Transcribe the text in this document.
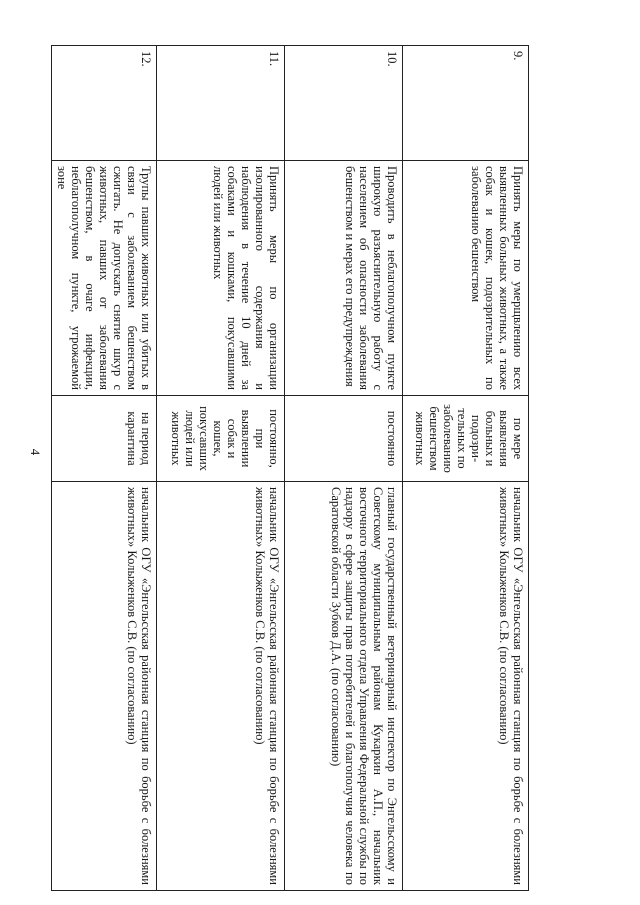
4
9.	Принять меры по умерщвлению всех выявленных больных животных, а также собак и кошек, подозрительных по заболеванию бешенством	по мере выявления больных и подозри-тельных по заболеванию бешенством животных	начальник ОГУ «Энгельсская районная станция по борьбе с болезнями животных» Колыженков С.В. (по согласованию)
10.	Проводить в неблагополучном пункте широкую разъяснительную работу с населением об опасности заболевания бешенством и мерах его предупреждения	постоянно	главный государственный ветеринарный инспектор по Энгельсскому и Советскому муниципальным районам Кукаркин А.П., начальник восточного территориального отдела Управления Федеральной службы по надзору в сфере защиты прав потребителей и благополучия человека по Саратовской области Зубков Д.А. (по согласованию)
11.	Принять меры по организации изолированного содержания и наблюдения в течение 10 дней за собаками и кошками, покусавшими людей или животных	постоянно, при выявлении собак и кошек, покусавших людей или животных	начальник ОГУ «Энгельсская районная станция по борьбе с болезнями животных» Колыженков С.В. (по согласованию)
12.	Трупы павших животных или убитых в связи с заболеванием бешенством сжигать. Не допускать снятие шкур с животных, павших от заболевания бешенством, в очаге инфекции, неблагополучном пункте, угрожаемой зоне	на период карантина	начальник ОГУ «Энгельсская районная станция по борьбе с болезнями животных» Колыженков С.В. (по согласованию)
